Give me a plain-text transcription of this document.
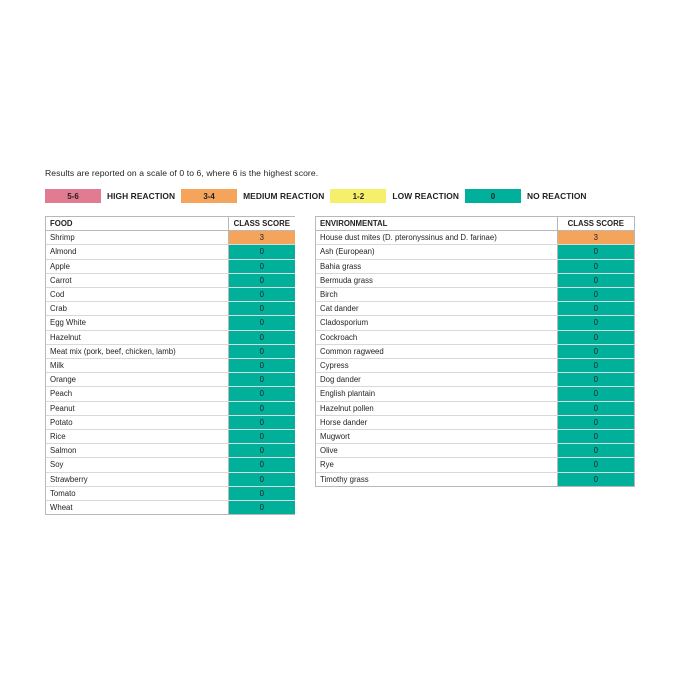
Results are reported on a scale of 0 to 6, where 6 is the highest score.
5-6	HIGH REACTION	3-4	MEDIUM REACTION	1-2	LOW REACTION	0	NO REACTION
FOOD	CLASS SCORE
Shrimp	3
Almond	0
Apple	0
Carrot	0
Cod	0
Crab	0
Egg White	0
Hazelnut	0
Meat mix (pork, beef, chicken, lamb)	0
Milk	0
Orange	0
Peach	0
Peanut	0
Potato	0
Rice	0
Salmon	0
Soy	0
Strawberry	0
Tomato	0
Wheat	0
ENVIRONMENTAL	CLASS SCORE
House dust mites (D. pteronyssinus and D. farinae)	3
Ash (European)	0
Bahia grass	0
Bermuda grass	0
Birch	0
Cat dander	0
Cladosporium	0
Cockroach	0
Common ragweed	0
Cypress	0
Dog dander	0
English plantain	0
Hazelnut pollen	0
Horse dander	0
Mugwort	0
Olive	0
Rye	0
Timothy grass	0
